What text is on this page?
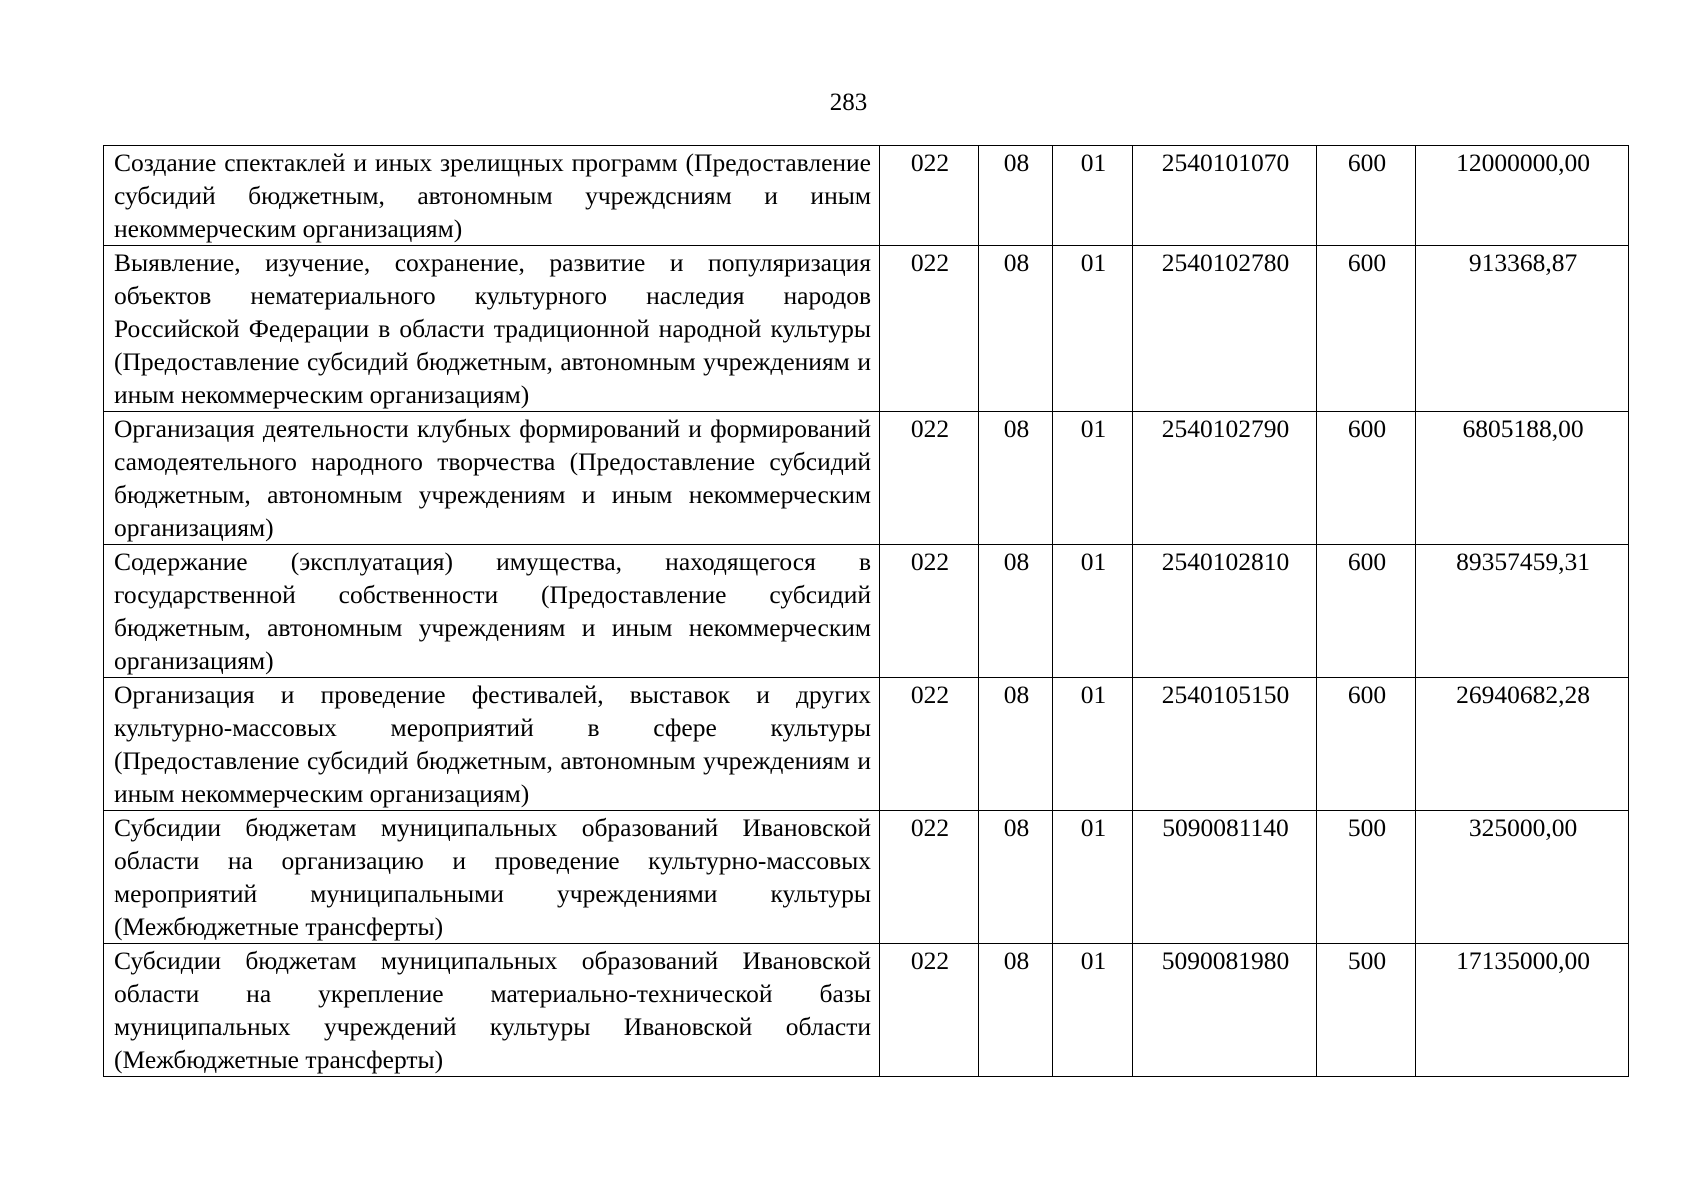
283
Создание спектаклей и иных зрелищных программ (Предоставление субсидий бюджетным, автономным учреждсниям и иным некоммерческим организациям)	022	08	01	2540101070	600	12000000,00
Выявление, изучение, сохранение, развитие и популяризация объектов нематериального культурного наследия народов Российской Федерации в области традиционной народной культуры (Предоставление субсидий бюджетным, автономным учреждениям и иным некоммерческим организациям)	022	08	01	2540102780	600	913368,87
Организация деятельности клубных формирований и формирований самодеятельного народного творчества (Предоставление субсидий бюджетным, автономным учреждениям и иным некоммерческим организациям)	022	08	01	2540102790	600	6805188,00
Содержание (эксплуатация) имущества, находящегося в государственной собственности (Предоставление субсидий бюджетным, автономным учреждениям и иным некоммерческим организациям)	022	08	01	2540102810	600	89357459,31
Организация и проведение фестивалей, выставок и других культурно-массовых мероприятий в сфере культуры (Предоставление субсидий бюджетным, автономным учреждениям и иным некоммерческим организациям)	022	08	01	2540105150	600	26940682,28
Субсидии бюджетам муниципальных образований Ивановской области на организацию и проведение культурно-массовых мероприятий муниципальными учреждениями культуры (Межбюджетные трансферты)	022	08	01	5090081140	500	325000,00
Субсидии бюджетам муниципальных образований Ивановской области на укрепление материально-технической базы муниципальных учреждений культуры Ивановской области (Межбюджетные трансферты)	022	08	01	5090081980	500	17135000,00
